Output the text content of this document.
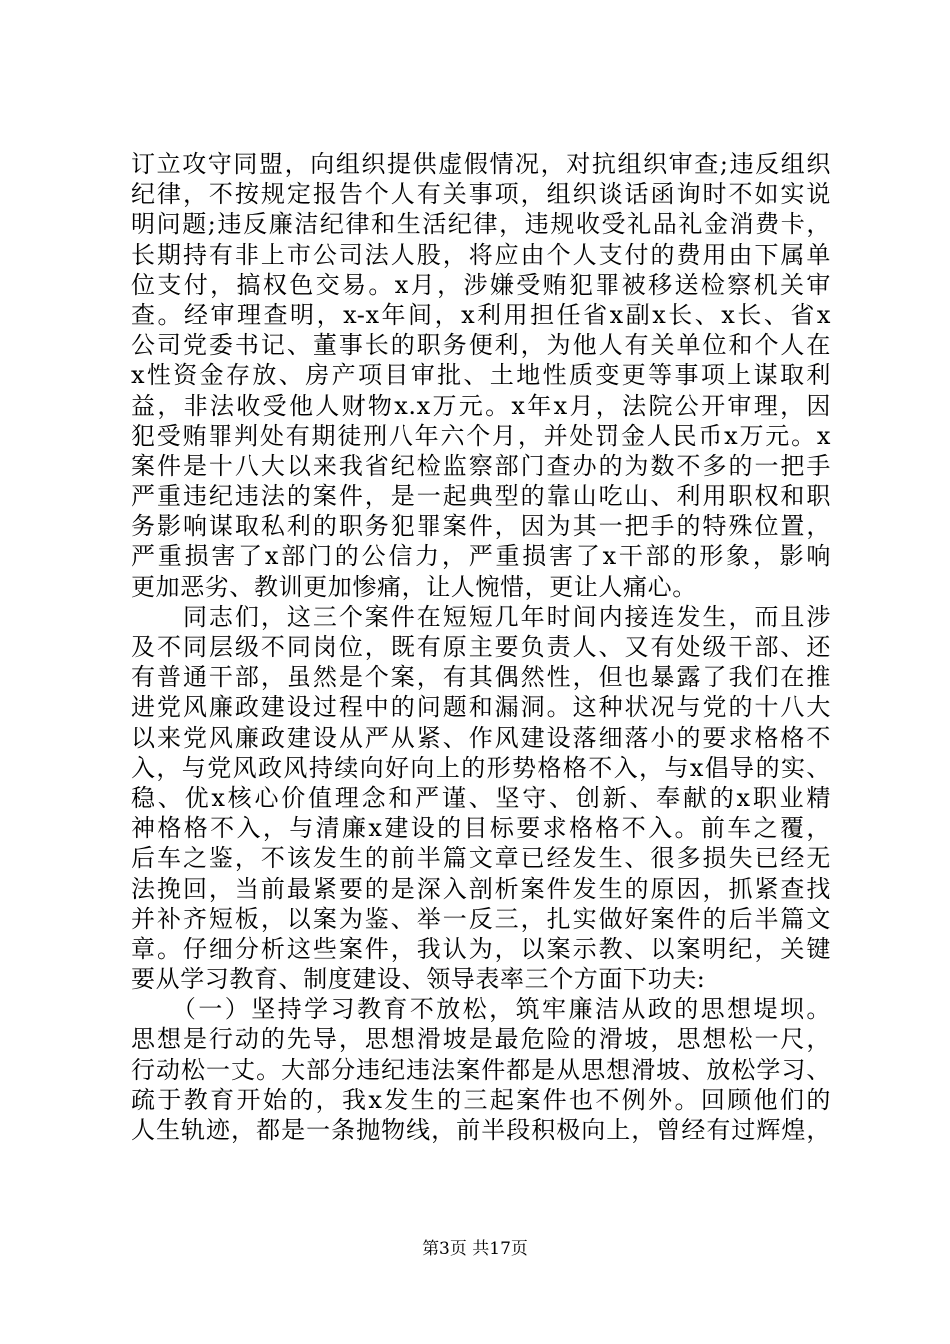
订立攻守同盟，向组织提供虚假情况，对抗组织审查;违反组织
纪律，不按规定报告个人有关事项，组织谈话函询时不如实说
明问题;违反廉洁纪律和生活纪律，违规收受礼品礼金消费卡，
长期持有非上市公司法人股，将应由个人支付的费用由下属单
位支付，搞权色交易。x月，涉嫌受贿犯罪被移送检察机关审
查。经审理查明，x-x年间，x利用担任省x副x长、x长、省x
公司党委书记、董事长的职务便利，为他人有关单位和个人在
x性资金存放、房产项目审批、土地性质变更等事项上谋取利
益，非法收受他人财物x.x万元。x年x月，法院公开审理，因
犯受贿罪判处有期徒刑八年六个月，并处罚金人民币x万元。x
案件是十八大以来我省纪检监察部门查办的为数不多的一把手
严重违纪违法的案件，是一起典型的靠山吃山、利用职权和职
务影响谋取私利的职务犯罪案件，因为其一把手的特殊位置，
严重损害了x部门的公信力，严重损害了x干部的形象，影响
更加恶劣、教训更加惨痛，让人惋惜，更让人痛心。
　　同志们，这三个案件在短短几年时间内接连发生，而且涉
及不同层级不同岗位，既有原主要负责人、又有处级干部、还
有普通干部，虽然是个案，有其偶然性，但也暴露了我们在推
进党风廉政建设过程中的问题和漏洞。这种状况与党的十八大
以来党风廉政建设从严从紧、作风建设落细落小的要求格格不
入，与党风政风持续向好向上的形势格格不入，与x倡导的实、
稳、优x核心价值理念和严谨、坚守、创新、奉献的x职业精
神格格不入，与清廉x建设的目标要求格格不入。前车之覆，
后车之鉴，不该发生的前半篇文章已经发生、很多损失已经无
法挽回，当前最紧要的是深入剖析案件发生的原因，抓紧查找
并补齐短板，以案为鉴、举一反三，扎实做好案件的后半篇文
章。仔细分析这些案件，我认为，以案示教、以案明纪，关键
要从学习教育、制度建设、领导表率三个方面下功夫:
　　（一）坚持学习教育不放松，筑牢廉洁从政的思想堤坝。
思想是行动的先导，思想滑坡是最危险的滑坡，思想松一尺，
行动松一丈。大部分违纪违法案件都是从思想滑坡、放松学习、
疏于教育开始的，我x发生的三起案件也不例外。回顾他们的
人生轨迹，都是一条抛物线，前半段积极向上，曾经有过辉煌，
第3页 共17页
